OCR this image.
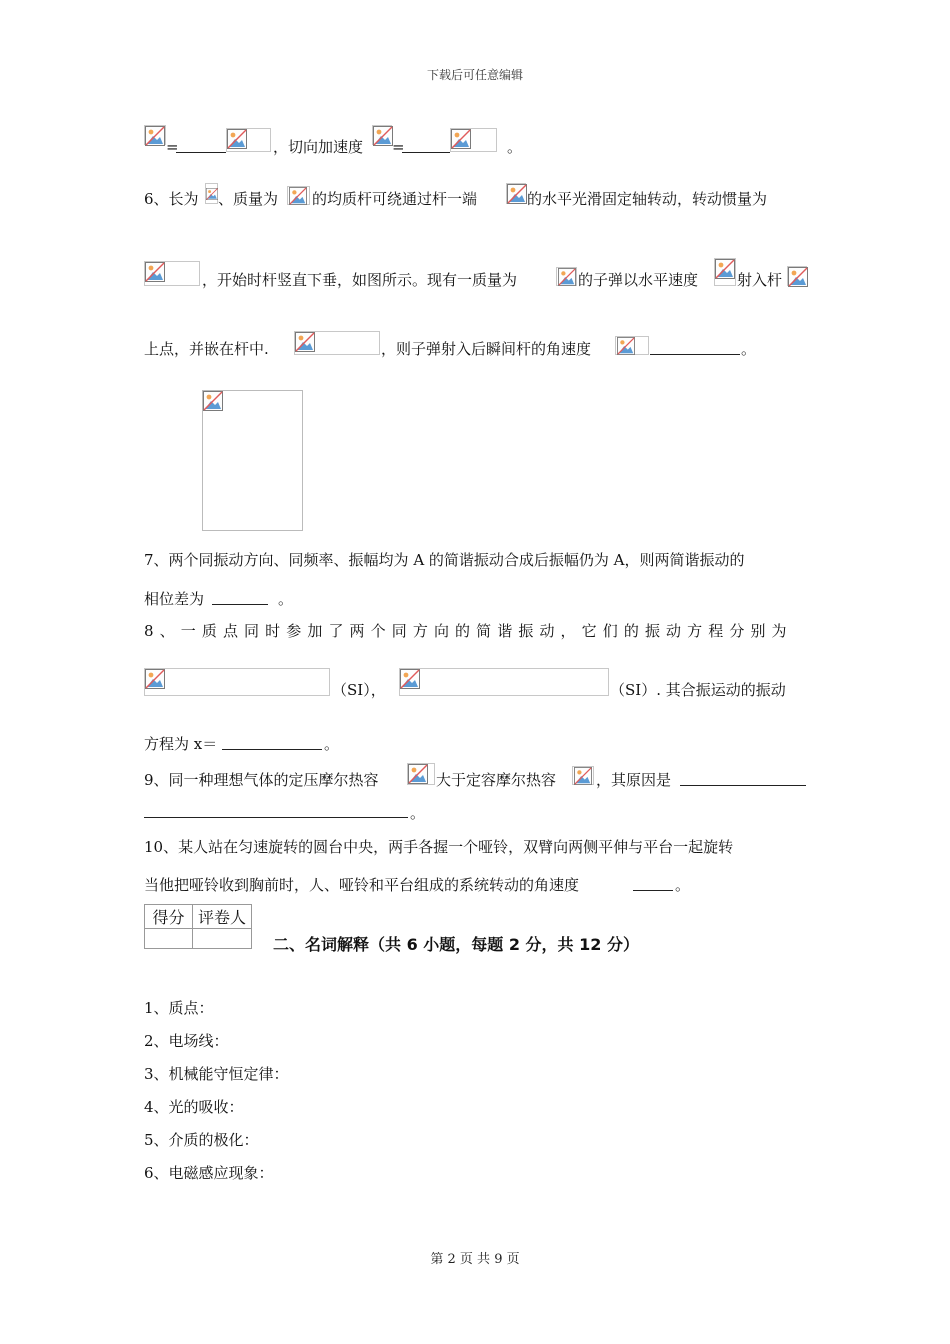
下载后可任意编辑
=	，切向加速度 =	。
6、长为 、质量为 的均质杆可绕通过杆一端	的水平光滑固定轴转动，转动惯量为
，开始时杆竖直下垂，如图所示。现有一质量为	的子弹以水平速度	射入杆
上点，并嵌在杆中.	，则子弹射入后瞬间杆的角速度	。
7、两个同振动方向、同频率、振幅均为 A 的简谐振动合成后振幅仍为 A，则两简谐振动的
相位差为	。
8、一质点同时参加了两个同方向的简谐振动，它们的振动方程分别为
（SI），	（SI）. 其合振运动的振动
方程为 x＝	。
9、同一种理想气体的定压摩尔热容	大于定容摩尔热容	，其原因是
。
10、某人站在匀速旋转的圆台中央，两手各握一个哑铃，双臂向两侧平伸与平台一起旋转
当他把哑铃收到胸前时，人、哑铃和平台组成的系统转动的角速度	。
得分	评卷人

二、名词解释（共 6 小题，每题 2 分，共 12 分）
1、质点：
2、电场线：
3、机械能守恒定律：
4、光的吸收：
5、介质的极化：
6、电磁感应现象：
第 2 页 共 9 页
